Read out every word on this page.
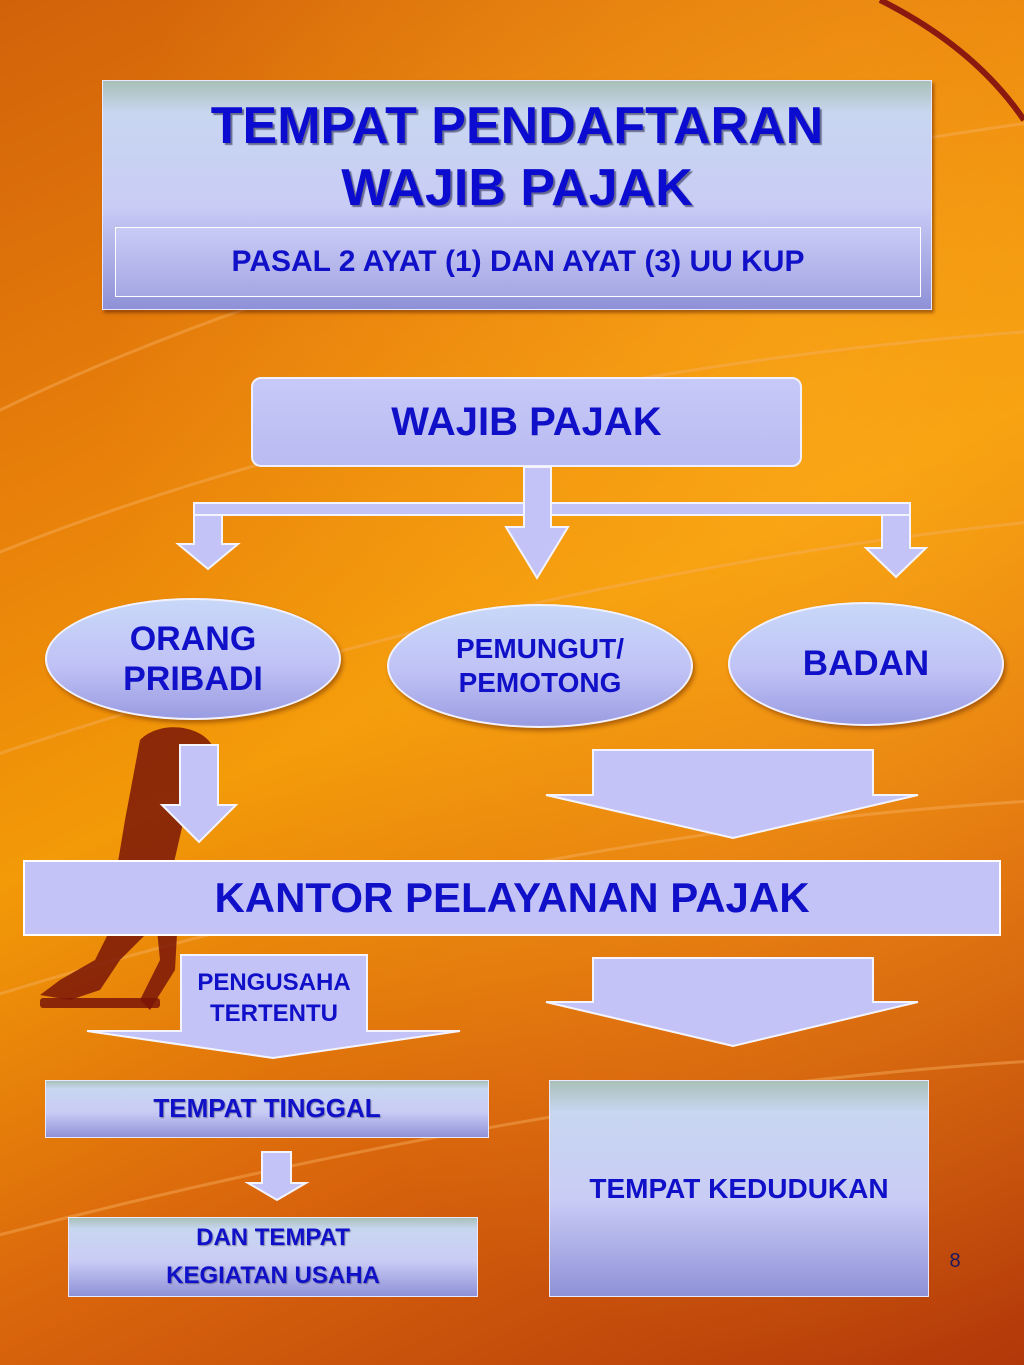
TEMPAT PENDAFTARAN
WAJIB PAJAK
PASAL 2 AYAT (1) DAN AYAT (3) UU KUP
WAJIB PAJAK
ORANG
PRIBADI
PEMUNGUT/
PEMOTONG	BADAN
KANTOR PELAYANAN PAJAK
PENGUSAHA
TERTENTU
TEMPAT TINGGAL
DAN TEMPAT
KEGIATAN USAHA
TEMPAT KEDUDUKAN
8
